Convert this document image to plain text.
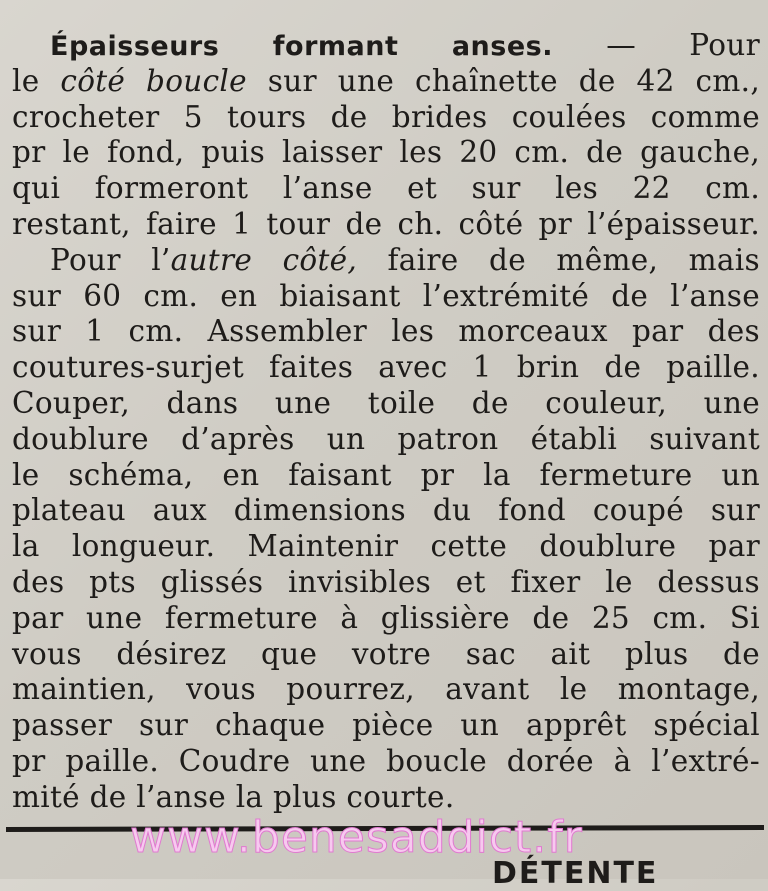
Épaisseurs formant anses. — Pour
le côté boucle sur une chaînette de 42 cm.,
crocheter 5 tours de brides coulées comme
pr le fond, puis laisser les 20 cm. de gauche,
qui formeront l’anse et sur les 22 cm.
restant, faire 1 tour de ch. côté pr l’épaisseur.
Pour l’autre côté, faire de même, mais
sur 60 cm. en biaisant l’extrémité de l’anse
sur 1 cm. Assembler les morceaux par des
coutures-surjet faites avec 1 brin de paille.
Couper, dans une toile de couleur, une
doublure d’après un patron établi suivant
le schéma, en faisant pr la fermeture un
plateau aux dimensions du fond coupé sur
la longueur. Maintenir cette doublure par
des pts glissés invisibles et fixer le dessus
par une fermeture à glissière de 25 cm. Si
vous désirez que votre sac ait plus de
maintien, vous pourrez, avant le montage,
passer sur chaque pièce un apprêt spécial
pr paille. Coudre une boucle dorée à l’extré-
mité de l’anse la plus courte.
www.benesaddict.fr
DÉTENTE
